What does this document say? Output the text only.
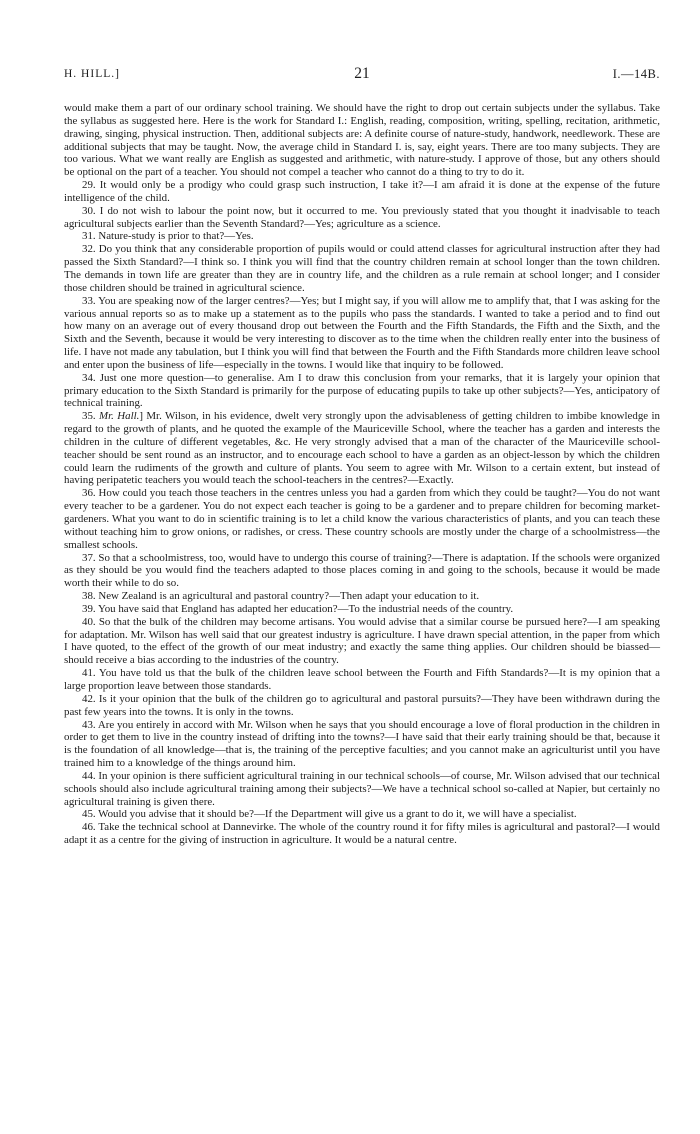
H. HILL.]	21	I.—14B.

would make them a part of our ordinary school training. We should have the right to drop out certain subjects under the syllabus. Take the syllabus as suggested here. Here is the work for Standard I.: English, reading, composition, writing, spelling, recitation, arithmetic, drawing, singing, physical instruction. Then, additional subjects are: A definite course of nature-study, handwork, needlework. These are additional subjects that may be taught. Now, the average child in Standard I. is, say, eight years. There are too many subjects. They are too various. What we want really are English as suggested and arithmetic, with nature-study. I approve of those, but any others should be optional on the part of a teacher. You should not compel a teacher who cannot do a thing to try to do it.

29. It would only be a prodigy who could grasp such instruction, I take it?—I am afraid it is done at the expense of the future intelligence of the child.

30. I do not wish to labour the point now, but it occurred to me. You previously stated that you thought it inadvisable to teach agricultural subjects earlier than the Seventh Standard?—Yes; agriculture as a science.

31. Nature-study is prior to that?—Yes.

32. Do you think that any considerable proportion of pupils would or could attend classes for agricultural instruction after they had passed the Sixth Standard?—I think so. I think you will find that the country children remain at school longer than the town children. The demands in town life are greater than they are in country life, and the children as a rule remain at school longer; and I consider those children should be trained in agricultural science.

33. You are speaking now of the larger centres?—Yes; but I might say, if you will allow me to amplify that, that I was asking for the various annual reports so as to make up a statement as to the pupils who pass the standards. I wanted to take a period and to find out how many on an average out of every thousand drop out between the Fourth and the Fifth Standards, the Fifth and the Sixth, and the Sixth and the Seventh, because it would be very interesting to discover as to the time when the children really enter into the business of life. I have not made any tabulation, but I think you will find that between the Fourth and the Fifth Standards more children leave school and enter upon the business of life—especially in the towns. I would like that inquiry to be followed.

34. Just one more question—to generalise. Am I to draw this conclusion from your remarks, that it is largely your opinion that primary education to the Sixth Standard is primarily for the purpose of educating pupils to take up other subjects?—Yes, anticipatory of technical training.

35. Mr. Hall.] Mr. Wilson, in his evidence, dwelt very strongly upon the advisableness of getting children to imbibe knowledge in regard to the growth of plants, and he quoted the example of the Mauriceville School, where the teacher has a garden and interests the children in the culture of different vegetables, &c. He very strongly advised that a man of the character of the Mauriceville school-teacher should be sent round as an instructor, and to encourage each school to have a garden as an object-lesson by which the children could learn the rudiments of the growth and culture of plants. You seem to agree with Mr. Wilson to a certain extent, but instead of having peripatetic teachers you would teach the school-teachers in the centres?—Exactly.

36. How could you teach those teachers in the centres unless you had a garden from which they could be taught?—You do not want every teacher to be a gardener. You do not expect each teacher is going to be a gardener and to prepare children for becoming market-gardeners. What you want to do in scientific training is to let a child know the various characteristics of plants, and you can teach these without teaching him to grow onions, or radishes, or cress. These country schools are mostly under the charge of a schoolmistress—the smallest schools.

37. So that a schoolmistress, too, would have to undergo this course of training?—There is adaptation. If the schools were organized as they should be you would find the teachers adapted to those places coming in and going to the schools, because it would be made worth their while to do so.

38. New Zealand is an agricultural and pastoral country?—Then adapt your education to it.

39. You have said that England has adapted her education?—To the industrial needs of the country.

40. So that the bulk of the children may become artisans. You would advise that a similar course be pursued here?—I am speaking for adaptation. Mr. Wilson has well said that our greatest industry is agriculture. I have drawn special attention, in the paper from which I have quoted, to the effect of the growth of our meat industry; and exactly the same thing applies. Our children should be biassed—should receive a bias according to the industries of the country.

41. You have told us that the bulk of the children leave school between the Fourth and Fifth Standards?—It is my opinion that a large proportion leave between those standards.

42. Is it your opinion that the bulk of the children go to agricultural and pastoral pursuits?—They have been withdrawn during the past few years into the towns. It is only in the towns.

43. Are you entirely in accord with Mr. Wilson when he says that you should encourage a love of floral production in the children in order to get them to live in the country instead of drifting into the towns?—I have said that their early training should be that, because it is the foundation of all knowledge—that is, the training of the perceptive faculties; and you cannot make an agriculturist until you have trained him to a knowledge of the things around him.

44. In your opinion is there sufficient agricultural training in our technical schools—of course, Mr. Wilson advised that our technical schools should also include agricultural training among their subjects?—We have a technical school so-called at Napier, but certainly no agricultural training is given there.

45. Would you advise that it should be?—If the Department will give us a grant to do it, we will have a specialist.

46. Take the technical school at Dannevirke. The whole of the country round it for fifty miles is agricultural and pastoral?—I would adapt it as a centre for the giving of instruction in agriculture. It would be a natural centre.
